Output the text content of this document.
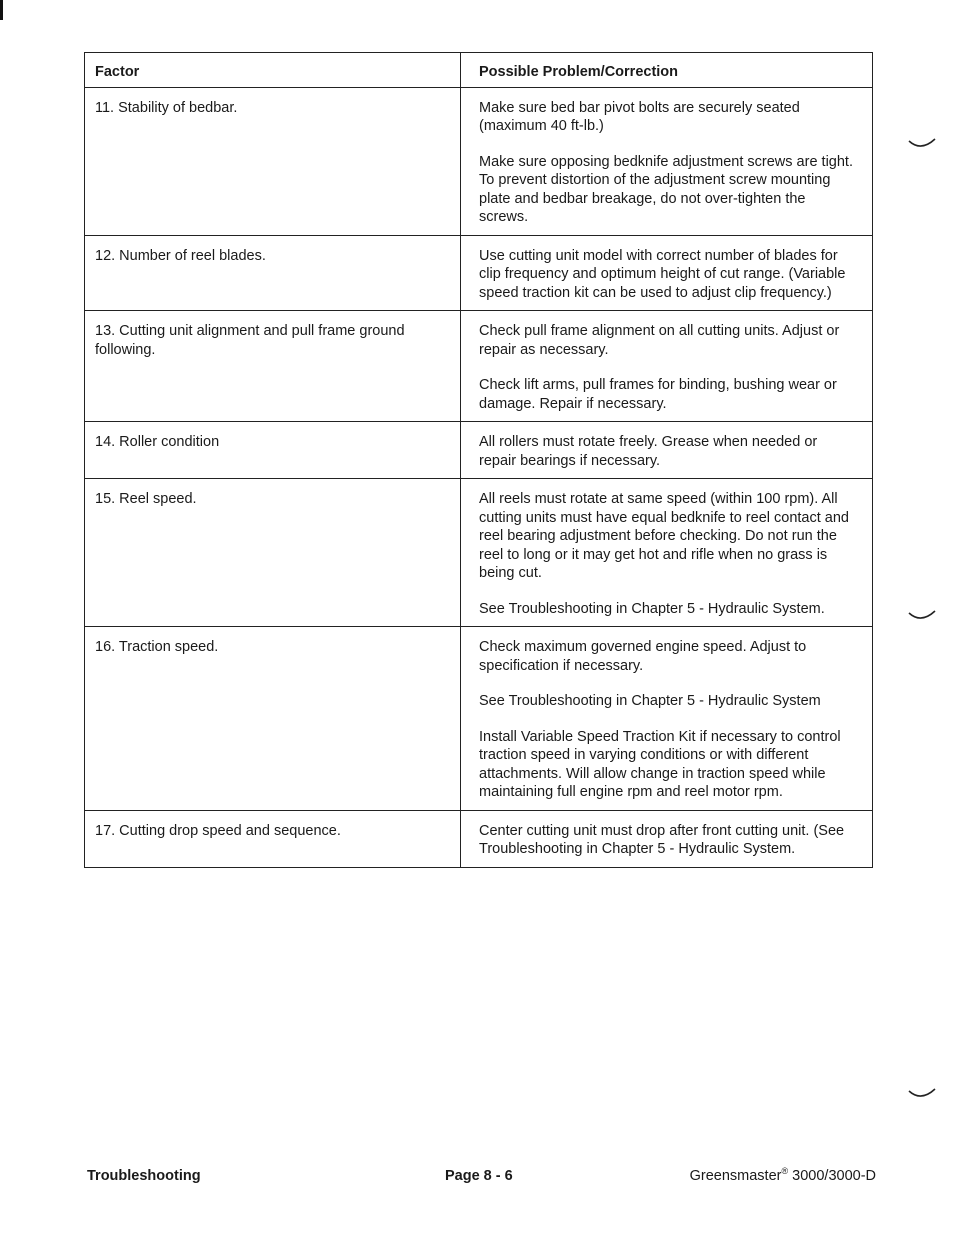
Factor	Possible Problem/Correction
11. Stability of bedbar.	Make sure bed bar pivot bolts are securely seated (maximum 40 ft-lb.)

Make sure opposing bedknife adjustment screws are tight. To prevent distortion of the adjustment screw mounting plate and bedbar breakage, do not over-tighten the screws.

12. Number of reel blades.	Use cutting unit model with correct number of blades for clip frequency and optimum height of cut range. (Variable speed traction kit can be used to adjust clip frequency.)

13. Cutting unit alignment and pull frame ground following.	Check pull frame alignment on all cutting units. Adjust or repair as necessary.

Check lift arms, pull frames for binding, bushing wear or damage. Repair if necessary.

14. Roller condition	All rollers must rotate freely. Grease when needed or repair bearings if necessary.

15. Reel speed.	All reels must rotate at same speed (within 100 rpm). All cutting units must have equal bedknife to reel contact and reel bearing adjustment before checking. Do not run the reel to long or it may get hot and rifle when no grass is being cut.

See Troubleshooting in Chapter 5 - Hydraulic System.

16. Traction speed.	Check maximum governed engine speed. Adjust to specification if necessary.

See Troubleshooting in Chapter 5 - Hydraulic System

Install Variable Speed Traction Kit if necessary to control traction speed in varying conditions or with different attachments. Will allow change in traction speed while maintaining full engine rpm and reel motor rpm.

17. Cutting drop speed and sequence.	Center cutting unit must drop after front cutting unit. (See Troubleshooting in Chapter 5 - Hydraulic System.

Troubleshooting	Page 8 - 6	Greensmaster® 3000/3000-D
